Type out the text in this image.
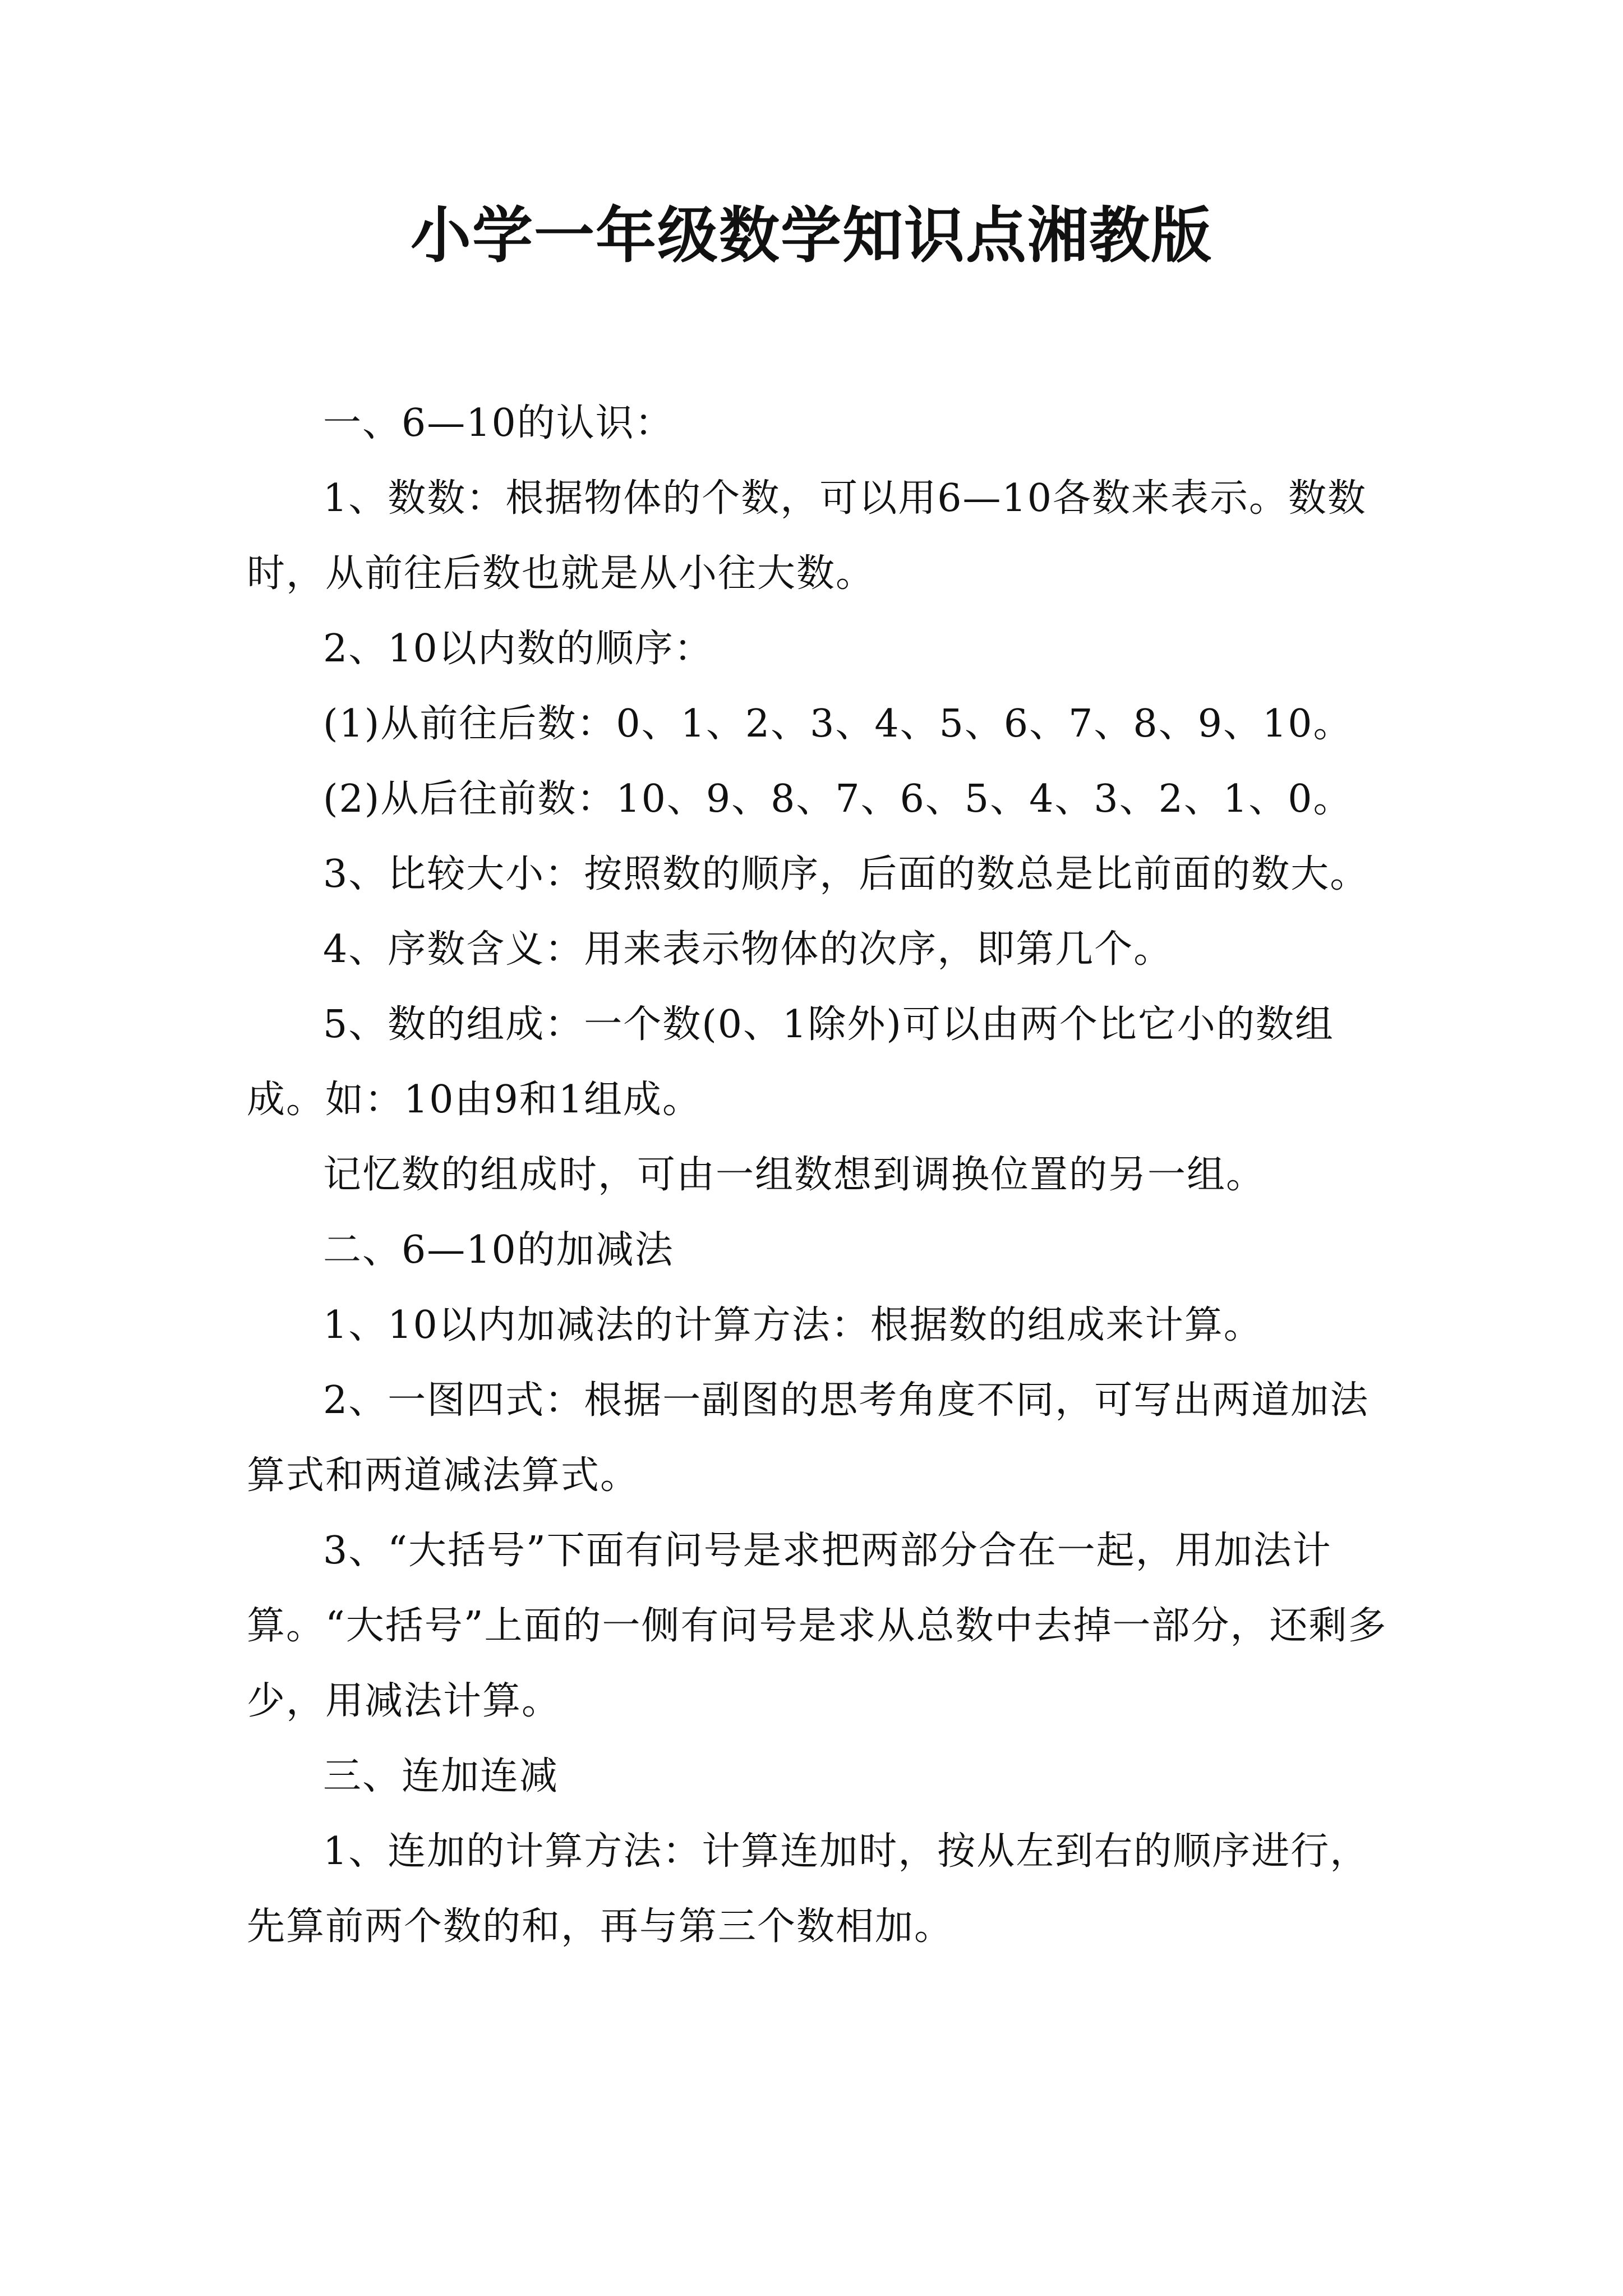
小学一年级数学知识点湘教版

一、6—10的认识：

1、数数：根据物体的个数，可以用6—10各数来表示。数数时，从前往后数也就是从小往大数。

2、10以内数的顺序：

(1)从前往后数：0、1、2、3、4、5、6、7、8、9、10。

(2)从后往前数：10、9、8、7、6、5、4、3、2、1、0。

3、比较大小：按照数的顺序，后面的数总是比前面的数大。

4、序数含义：用来表示物体的次序，即第几个。

5、数的组成：一个数(0、1除外)可以由两个比它小的数组成。如：10由9和1组成。

记忆数的组成时，可由一组数想到调换位置的另一组。

二、6—10的加减法

1、10以内加减法的计算方法：根据数的组成来计算。

2、一图四式：根据一副图的思考角度不同，可写出两道加法算式和两道减法算式。

3、“大括号”下面有问号是求把两部分合在一起，用加法计算。“大括号”上面的一侧有问号是求从总数中去掉一部分，还剩多少，用减法计算。

三、连加连减

1、连加的计算方法：计算连加时，按从左到右的顺序进行，先算前两个数的和，再与第三个数相加。
